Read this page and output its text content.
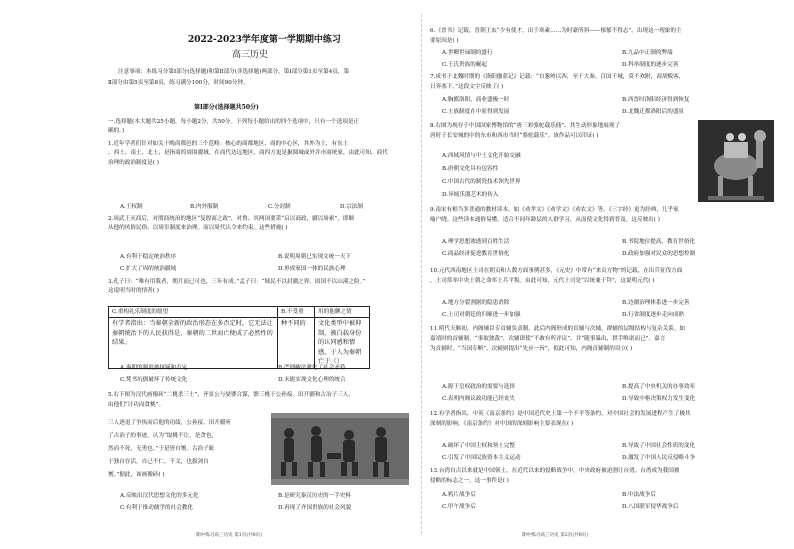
2022-2023学年度第一学期期中练习
高三历史
注意事项：本练习分第Ⅰ部分(选择题)和第Ⅱ部分(非选择题)两部分。第Ⅰ部分第1页至第4页，第
Ⅱ部分由第5页至第8页，练习满分100分，时间90分钟。
第Ⅰ部分(选择题共50分)
一.选择题(本大题共25小题，每小题2分，共50分。下列每小题给出的四个选项中，只有一个选项是正
确的。)
1.近年学者们针对如关于晚商都邑的三个范畴：核心的商都地区、商的中心区，其外为土，有东土
、西土、南土、北土，是指商的周围疆域。在商代边远地区，商四方更是掘圆城或外并市商统家，由此可知，商代
治理的政治制度是( )
A.王权制	B.内外服制	C.分封制	D.宗法制
2.周武王灭商后，对殷商统治的地区“复殷商之政”，对鲁、其两国要采“启以商政，疆以周索”，即顺
从他的风俗民俗、以周室制度来治理。而以周代认令来约束。这些措施( )
A.有利于稳定统治秩序	B.说明周朝已实现文统一天下
C.扩大了周的统治疆域	D.形成家国一体的民族心理
3.孔子曰：“唯有用我者，期月而已可也，三年有成。”孟子曰：“域民不以封疆之界，固国不以山溪之险。”
这说明当时的情者( )
C.重构礼乐制度的愿望	B.不受重	用的他聊之情
有学者指出：当秦朝全新的政治形态在多否定时，它无法让秦朝统治下的人民获得是，秦朝的二世而亡便成了必然性的结果。	种不同的	文化类型中被抑制，被白载身份的认同感和情感，于人为秦朝亡于（）
A.秦朝的制度被抹疑和否定	B.严刑峻法激化了社会矛盾
C.焚书坑儒破坏了传统文化	D.未能实现文化心理的统合
5.右下图为汉代画像砖“二桃杀三士”，齐景公与晏婴合谋，馈三桃于公孙接、田开疆和古冶子三人，
由他们“计功而食桃”。
三人逐退了争执而后他的功绩，公孙接、田开疆听
了古治子的事迹，认为“取桃不让，是贪也，
然而不死，无勇也。”于是皆自刎。古治子耻
于独自存活，自己不仁，不义，也拔剑自
刎。”据此，该画像砖( )
A.反映出汉代思想文化的多元化	B.是研究秦汉历史的一手史料
C.有利于推动儒学的社会教化	D.再现了齐国贵族的社会风貌
期中练习高三历史 第1页(共8页)
6.《晋书》记载，晋朝王玄“少有使才，出于寒素……为时豪所斜——郁郁不得志”。出现这一现象的主
要原因是( )
A.世卿世禄制的盛行	B.九品中正制的弊端
C.王氏贵族的崛起	D.科举制度的逐步完善
7.成书于北魏时期的《洛阳伽蓝记》记载：“自葱岭以西，至于大秦，百国千城，莫不欢附，商胡贩客，
日奔塞下。”这段文字反映了( )
A.胸都洛阳，商业盛极一时	B.西晋时洛阳经济得到恢复
C.士族制度在中原得到发展	D.北魏迁都洛阳后的盛景
8.右图为现存于中国国家博物馆的“唐三彩骆驼载乐俑”，其生动形象地展现了
唐时于长安城的中的东市和西市当时“骆驼载乐”。该作品可以印证( )
A.西域风情与中土文化开始交融
B.唐朝文化具有包容性
C.中国古代的制瓷技术领先世界
D.异域乐器艺术的传入
9.南宋有相当多普通的教材读本，如《劝孝文》《劝学文》《劝农文》等，《三字经》更为经典，几乎家
喻户晓。这些读本通俗易懂，适合不同年龄层的人群学习，从而使文化得到普及。这反映出( )
A.理学思想渗透到百姓生活	B.书院地位提高，教育世俗化
C.商品经济促进教育世俗化	D.政府加强对民众的思想控制
10.元代西南地区土司在朝贡和人数方面事例甚多，《元史》中常有“来贡方物”的记载，在出兵征伐方面
，土司常率中央土朝之命率土兵平叛。由此可知，元代土司是“以统兼于拜”，这说明元代( )
A.地方分裂割据的隐患消除	B.边疆治理体系进一步完善
C.土司对朝廷的归顺进一步加强	D.行省制度逐步走向成熟
11.明代天顺初，内阁辅臣专首辅负责制，此后内阁形成的首辅与次辅，群辅的层级结构与复杂关系。如
嘉靖时的首辅制，“事取独裁”，次辅即使“不敢有所评议”，并“随事暴出，拱手唯诺而已”。嘉言
为首辅时，“当国专断”，次辅则提出“先应一旨”，拟此可知，内阁首辅制的设立( )
A.源于皇权政治的需要与选择	B.提高了中央机关的办事效率
C.表明内阁议政功能已经丧失	D.导致中枢决策权力发生变化
12.有学者指出，中英《南京条约》是中国近代史上第一个不平等条约，对中国社会的发展进程产生了极其
深刻的影响。《南京条约》对中国的深刻影响主要表现在( )
A.破坏了中国主权和领土完整	B.导致了中国社会性质的变化
C.引发了中国民族资本主义运动	D.激发了中国人民反侵略斗争
13.台湾自古以来就是中国领土。在近代以来的侵略战争中，中央政府被迫割让台湾。台湾成为我国被
侵略的标志之一。这一事件是( )
A.鸦片战争后	B.中法战争后
C.甲午战争后	D.八国联军侵华战争后
期中练习高三历史 第2页(共8页)
